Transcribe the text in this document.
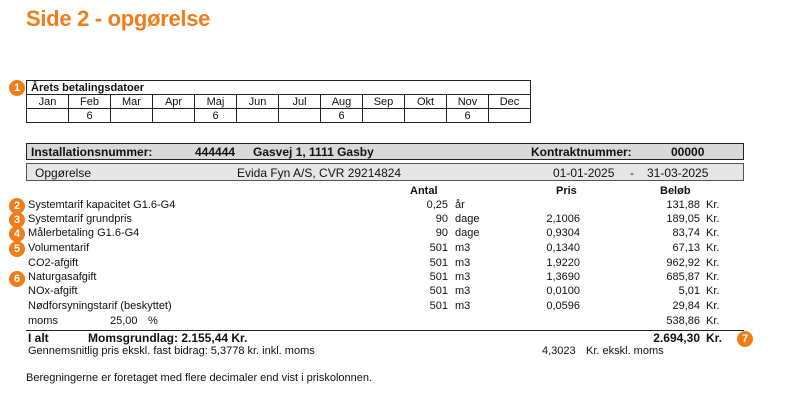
Side 2 - opgørelse
1
2
3
4
5
6
7
Årets betalingsdatoer											
Jan	Feb	Mar	Apr	Maj	Jun	Jul	Aug	Sep	Okt	Nov	Dec
	6			6			6			6	
Installationsnummer:	444444 Gasvej 1, 1111 Gasby	Kontraktnummer:	00000
Opgørelse	Evida Fyn A/S, CVR 29214824	01-01-2025 - 31-03-2025
Antal	Pris	Beløb
Systemtarif kapacitet G1.6-G4	0,25 år	131,88 Kr.
Systemtarif grundpris	90 dage	2,1006	189,05 Kr.
Målerbetaling G1.6-G4	90 dage	0,9304	83,74 Kr.
Volumentarif	501 m3	0,1340	67,13 Kr.
CO2-afgift	501 m3	1,9220	962,92 Kr.
Naturgasafgift	501 m3	1,3690	685,87 Kr.
NOx-afgift	501 m3	0,0100	5,01 Kr.
Nødforsyningstarif (beskyttet)	501 m3	0,0596	29,84 Kr.
moms	25,00 %	538,86 Kr.
I alt	Momsgrundlag: 2.155,44 Kr.	2.694,30 Kr.
Gennemsnitlig pris ekskl. fast bidrag: 5,3778 kr. inkl. moms	4,3023 Kr. ekskl. moms
Beregningerne er foretaget med flere decimaler end vist i priskolonnen.
